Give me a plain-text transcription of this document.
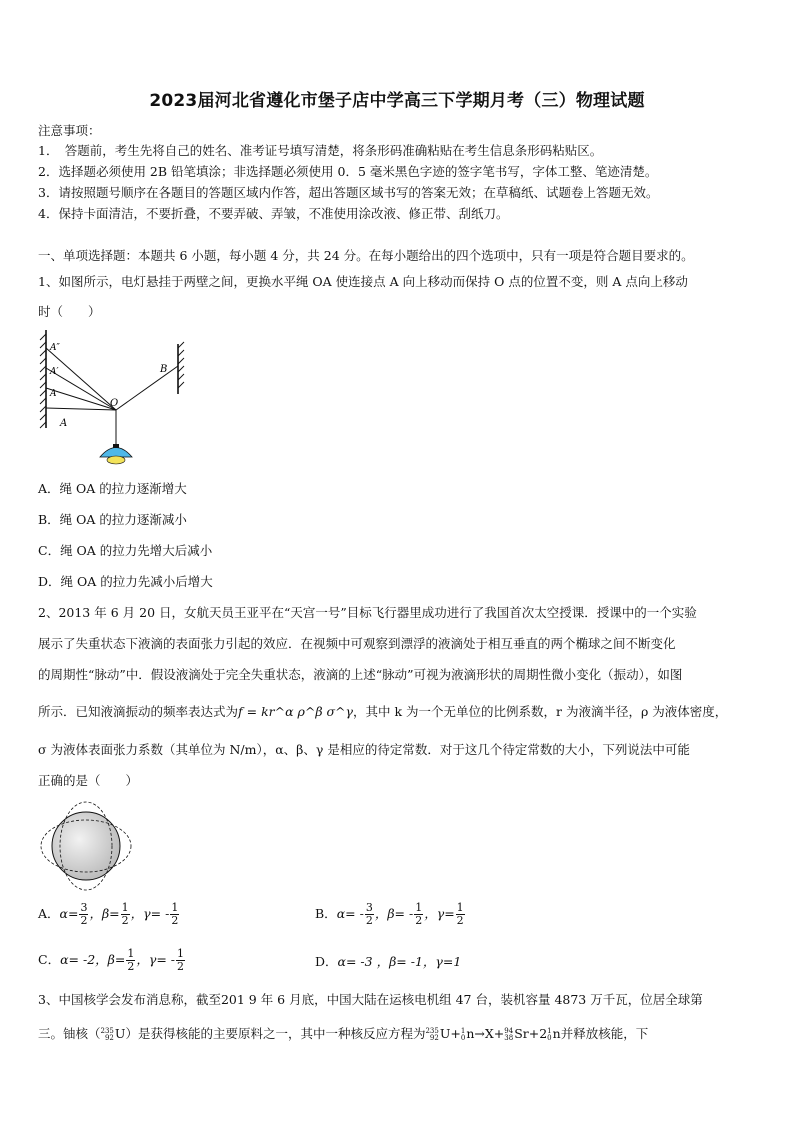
2023届河北省遵化市堡子店中学高三下学期月考（三）物理试题
注意事项：
1．　答题前，考生先将自己的姓名、准考证号填写清楚，将条形码准确粘贴在考生信息条形码粘贴区。
2．选择题必须使用 2B 铅笔填涂；非选择题必须使用 0．5 毫米黑色字迹的签字笔书写，字体工整、笔迹清楚。
3．请按照题号顺序在各题目的答题区域内作答，超出答题区域书写的答案无效；在草稿纸、试题卷上答题无效。
4．保持卡面清洁，不要折叠，不要弄破、弄皱，不准使用涂改液、修正带、刮纸刀。
一、单项选择题：本题共 6 小题，每小题 4 分，共 24 分。在每小题给出的四个选项中，只有一项是符合题目要求的。
1、如图所示，电灯悬挂于两壁之间，更换水平绳 OA 使连接点 A 向上移动而保持 O 点的位置不变，则 A 点向上移动
时（　　）
A″
A′
A
O
B
A
A．绳 OA 的拉力逐渐增大
B．绳 OA 的拉力逐渐减小
C．绳 OA 的拉力先增大后减小
D．绳 OA 的拉力先减小后增大
2、2013 年 6 月 20 日，女航天员王亚平在“天宫一号”目标飞行器里成功进行了我国首次太空授课．授课中的一个实验
展示了失重状态下液滴的表面张力引起的效应．在视频中可观察到漂浮的液滴处于相互垂直的两个椭球之间不断变化
的周期性“脉动”中．假设液滴处于完全失重状态，液滴的上述“脉动”可视为液滴形状的周期性微小变化（振动），如图
所示．已知液滴振动的频率表达式为f = kr^α ρ^β σ^γ，其中 k 为一个无单位的比例系数，r 为液滴半径，ρ 为液体密度，
σ 为液体表面张力系数（其单位为 N/m），α、β、γ 是相应的待定常数．对于这几个待定常数的大小，下列说法中可能
正确的是（　　）
A．$\alpha= \frac{3}{2}$ ，$\beta= \frac{1}{2}$ ，$\gamma= - \frac{1}{2}$	B．$\alpha= - \frac{3}{2}$ ，$\beta= - \frac{1}{2}$ ，$\gamma= \frac{1}{2}$
C．α= -2，$\beta= \frac{1}{2}$ ，$\gamma= - \frac{1}{2}$	D．α= -3 ，β= -1，γ=1
3、中国核学会发布消息称，截至201 9 年 6 月底，中国大陆在运核电机组 47 台，装机容量 4873 万千瓦，位居全球第
三。铀核（ 235
92 U）是获得核能的主要原料之一，其中一种核反应方程为 235
92 U+ 1
0 n→X+ 94
38 Sr+2 1
0 n并释放核能，下
